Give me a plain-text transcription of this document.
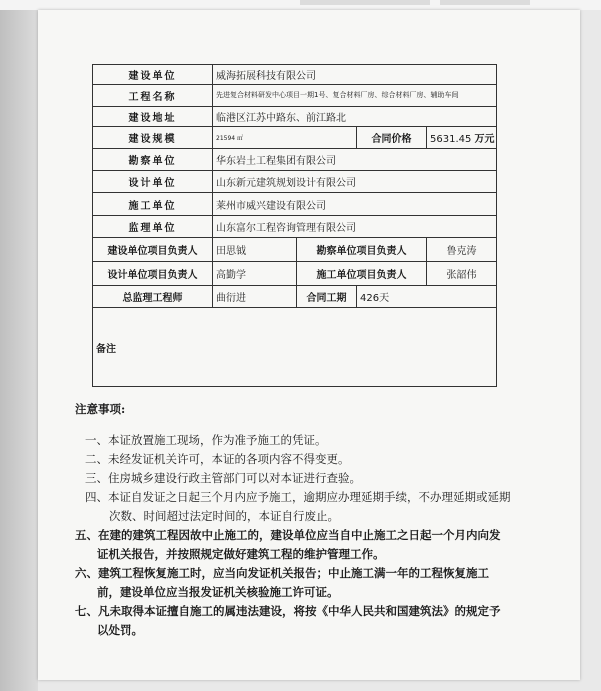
建设单位	威海拓展科技有限公司			
工程名称	先进复合材料研发中心项目一期1号、复合材料厂房、综合材料厂房、辅助车间			
建设地址	临港区江苏中路东、前江路北			
建设规模	21594 ㎡		合同价格	5631.45 万元
勘察单位	华东岩土工程集团有限公司			
设计单位	山东新元建筑规划设计有限公司			
施工单位	莱州市威兴建设有限公司			
监理单位	山东富尔工程咨询管理有限公司			
建设单位项目负责人	田思钺	勘察单位项目负责人		鲁克涛
设计单位项目负责人	高勤学	施工单位项目负责人		张韶伟
总监理工程师	曲衍进	合同工期	426天	
备注				
注意事项:

一、本证放置施工现场，作为准予施工的凭证。

二、未经发证机关许可，本证的各项内容不得变更。

三、住房城乡建设行政主管部门可以对本证进行查验。

四、本证自发证之日起三个月内应予施工，逾期应办理延期手续，不办理延期或延期

次数、时间超过法定时间的，本证自行废止。

五、在建的建筑工程因故中止施工的，建设单位应当自中止施工之日起一个月内向发

证机关报告，并按照规定做好建筑工程的维护管理工作。

六、建筑工程恢复施工时，应当向发证机关报告；中止施工满一年的工程恢复施工

前，建设单位应当报发证机关核验施工许可证。

七、凡未取得本证擅自施工的属违法建设，将按《中华人民共和国建筑法》的规定予

以处罚。
